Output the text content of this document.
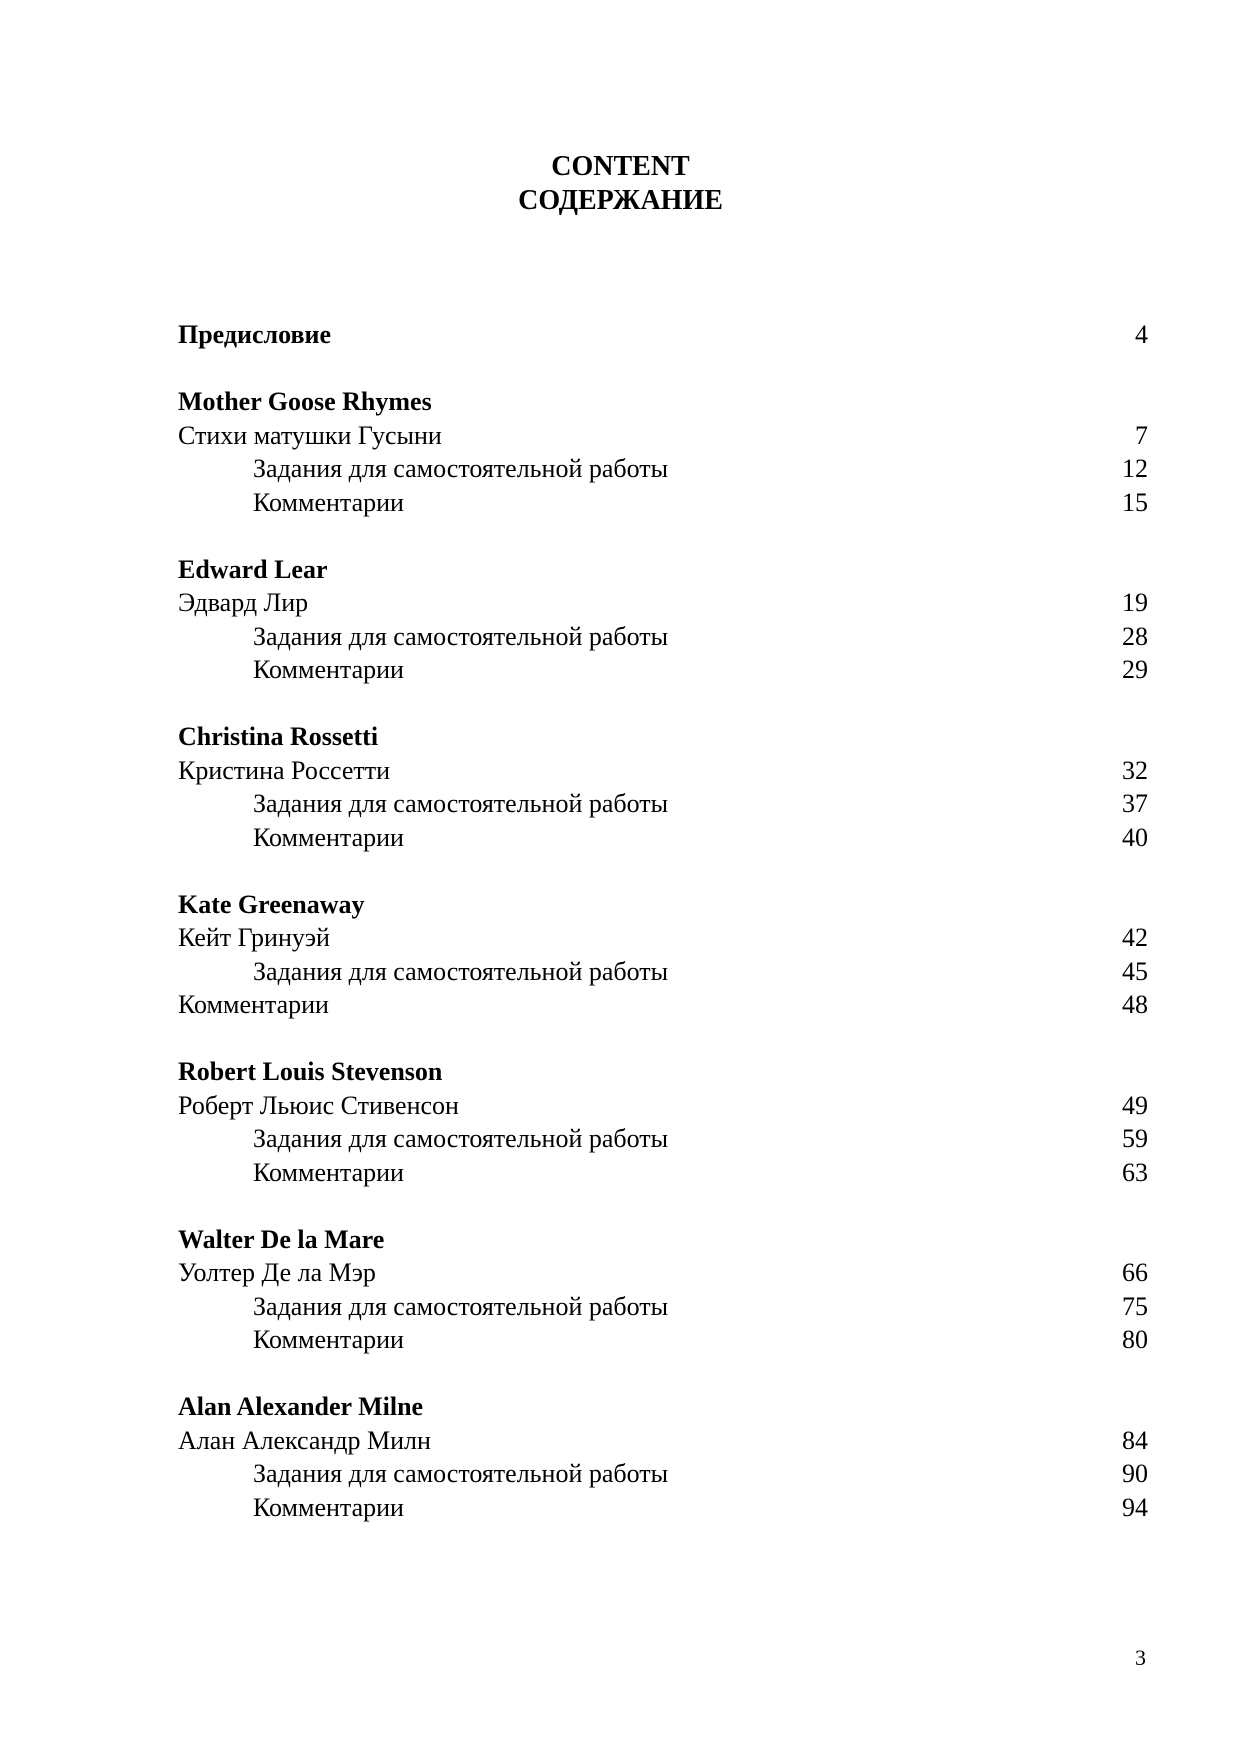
CONTENT
СОДЕРЖАНИЕ
Предисловие	4
Mother Goose Rhymes
Стихи матушки Гусыни	7
Задания для самостоятельной работы	12
Комментарии	15
Edward Lear
Эдвард Лир	19
Задания для самостоятельной работы	28
Комментарии	29
Christina Rossetti
Кристина Россетти	32
Задания для самостоятельной работы	37
Комментарии	40
Kate Greenaway
Кейт Гринуэй	42
Задания для самостоятельной работы	45
Комментарии	48
Robert Louis Stevenson
Роберт Льюис Стивенсон	49
Задания для самостоятельной работы	59
Комментарии	63
Walter De la Mare
Уолтер Де ла Мэр	66
Задания для самостоятельной работы	75
Комментарии	80
Alan Alexander Milne
Алан Александр Милн	84
Задания для самостоятельной работы	90
Комментарии	94
3
